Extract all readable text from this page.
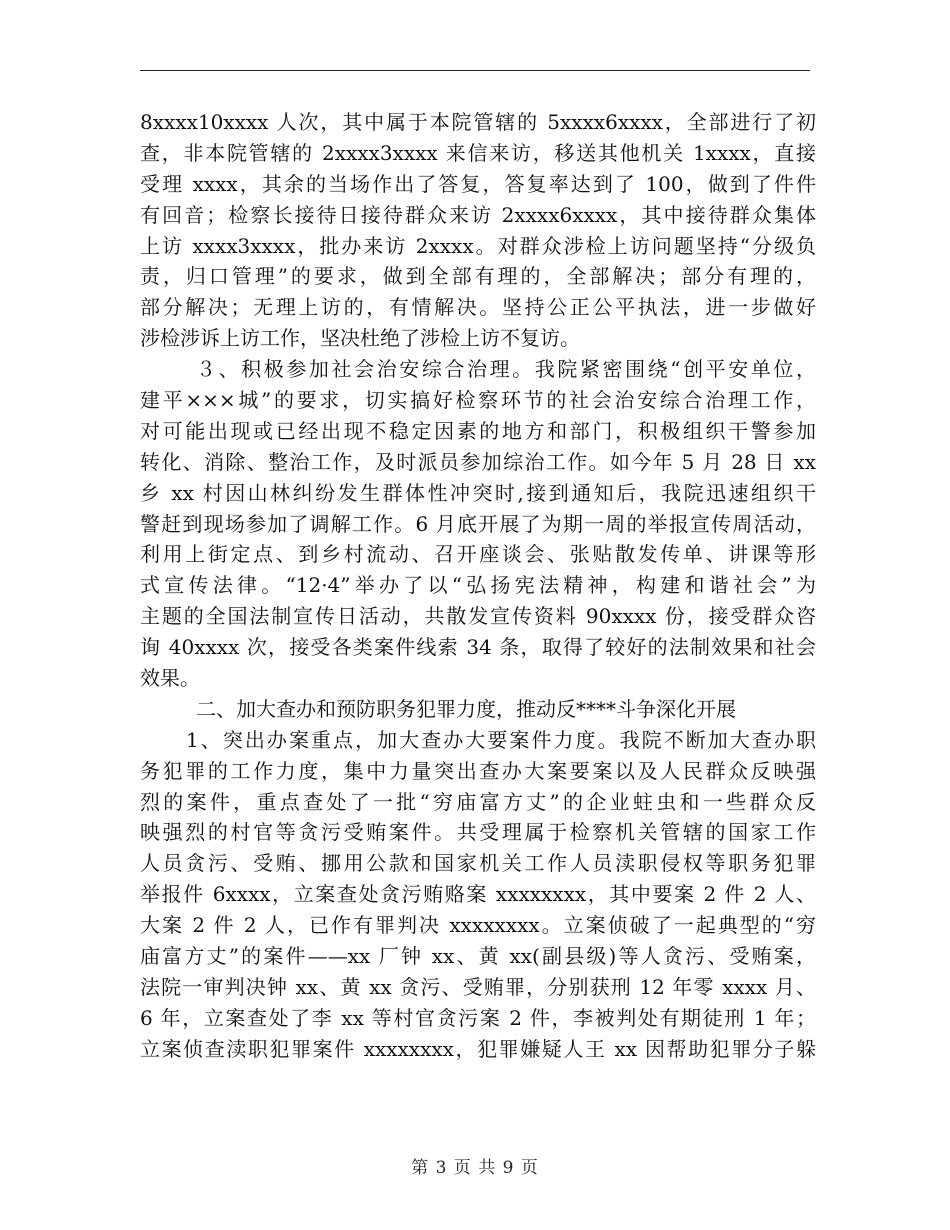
8xxxx10xxxx 人次，其中属于本院管辖的 5xxxx6xxxx，全部进行了初
查，非本院管辖的 2xxxx3xxxx 来信来访，移送其他机关 1xxxx，直接
受理 xxxx，其余的当场作出了答复，答复率达到了 100，做到了件件
有回音；检察长接待日接待群众来访 2xxxx6xxxx，其中接待群众集体
上访 xxxx3xxxx，批办来访 2xxxx。对群众涉检上访问题坚持“分级负
责，归口管理”的要求，做到全部有理的，全部解决；部分有理的，
部分解决；无理上访的，有情解决。坚持公正公平执法，进一步做好
涉检涉诉上访工作，坚决杜绝了涉检上访不复访。
３、积极参加社会治安综合治理。我院紧密围绕“创平安单位，
建平×××城”的要求，切实搞好检察环节的社会治安综合治理工作，
对可能出现或已经出现不稳定因素的地方和部门，积极组织干警参加
转化、消除、整治工作，及时派员参加综治工作。如今年 5 月 28 日 xx
乡 xx 村因山林纠纷发生群体性冲突时,接到通知后，我院迅速组织干
警赶到现场参加了调解工作。6 月底开展了为期一周的举报宣传周活动，
利用上街定点、到乡村流动、召开座谈会、张贴散发传单、讲课等形
式宣传法律。“12·4”举办了以“弘扬宪法精神，构建和谐社会”为
主题的全国法制宣传日活动，共散发宣传资料 90xxxx 份，接受群众咨
询 40xxxx 次，接受各类案件线索 34 条，取得了较好的法制效果和社会
效果。
二、加大查办和预防职务犯罪力度，推动反****斗争深化开展
1、突出办案重点，加大查办大要案件力度。我院不断加大查办职
务犯罪的工作力度，集中力量突出查办大案要案以及人民群众反映强
烈的案件，重点查处了一批“穷庙富方丈”的企业蛀虫和一些群众反
映强烈的村官等贪污受贿案件。共受理属于检察机关管辖的国家工作
人员贪污、受贿、挪用公款和国家机关工作人员渎职侵权等职务犯罪
举报件 6xxxx，立案查处贪污贿赂案 xxxxxxxx，其中要案 2 件 2 人、
大案 2 件 2 人，已作有罪判决 xxxxxxxx。立案侦破了一起典型的“穷
庙富方丈”的案件——xx 厂钟 xx、黄 xx(副县级)等人贪污、受贿案，
法院一审判决钟 xx、黄 xx 贪污、受贿罪，分别获刑 12 年零 xxxx 月、
6 年，立案查处了李 xx 等村官贪污案 2 件，李被判处有期徒刑 1 年；
立案侦查渎职犯罪案件 xxxxxxxx，犯罪嫌疑人王 xx 因帮助犯罪分子躲
第 3 页 共 9 页
